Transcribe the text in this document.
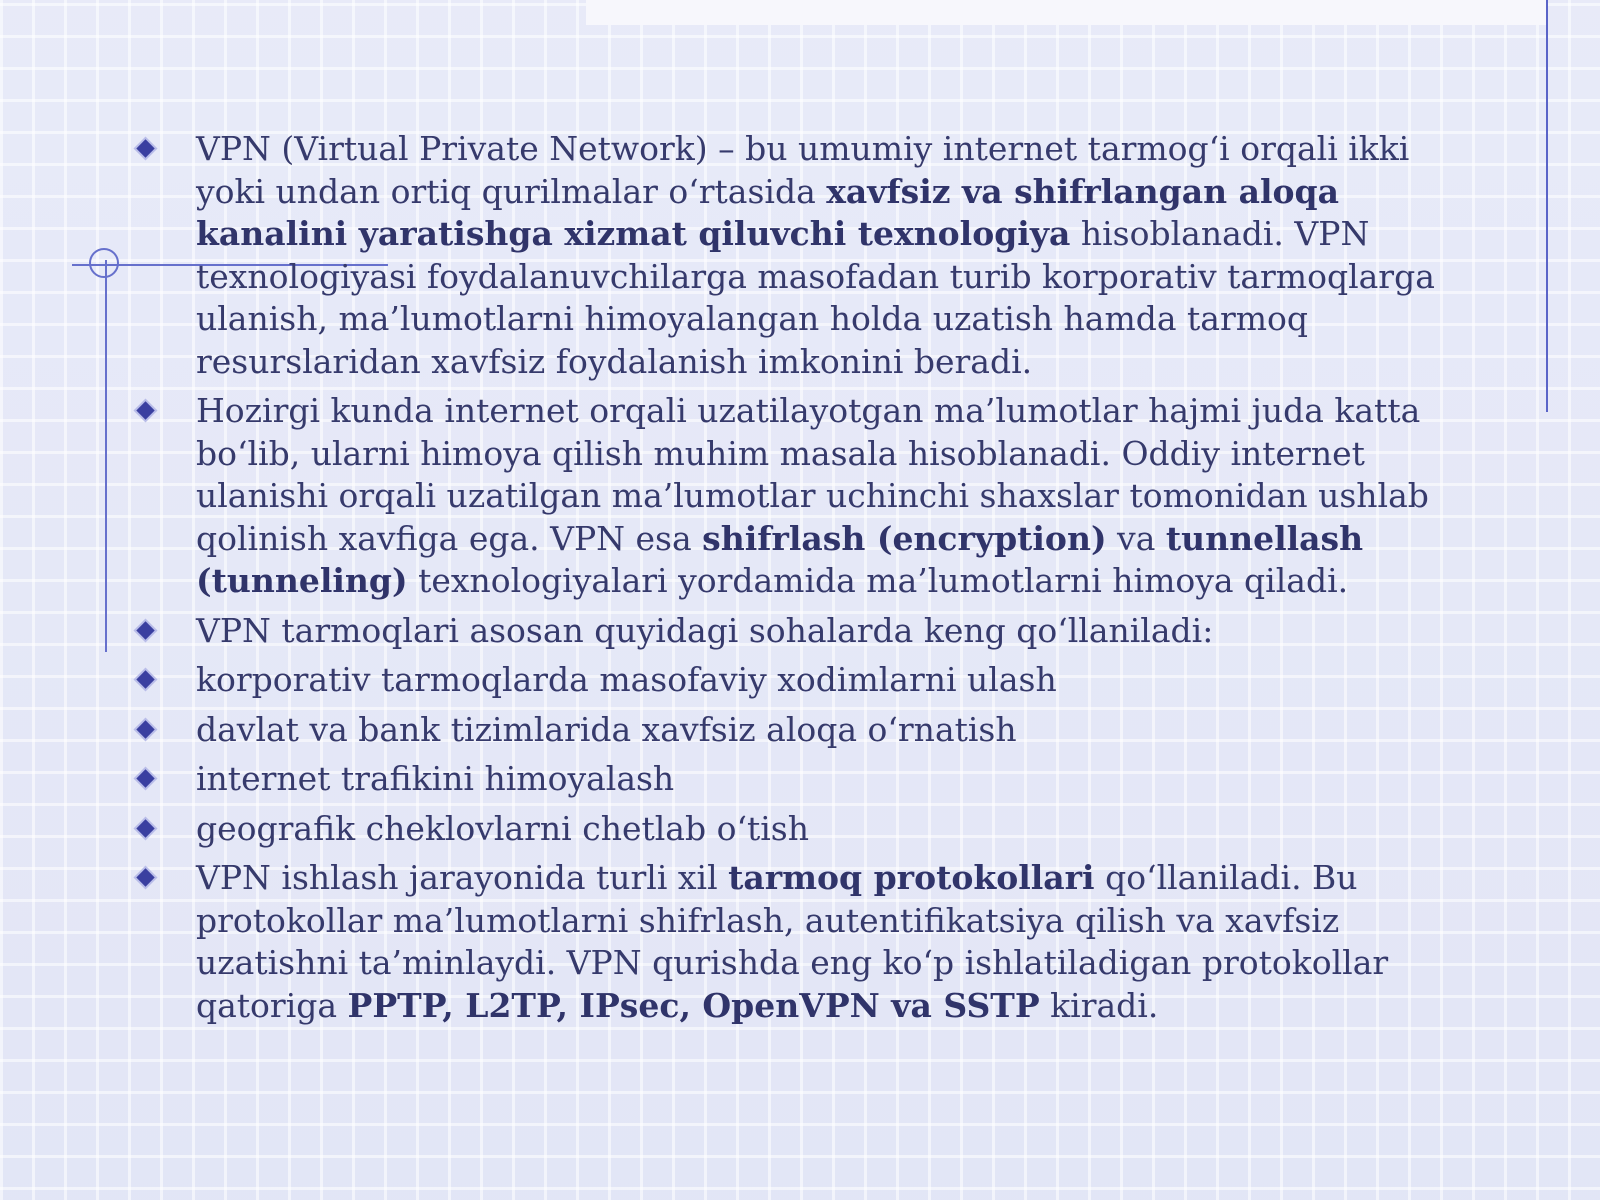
VPN (Virtual Private Network) – bu umumiy internet tarmog‘i orqali ikki yoki undan ortiq qurilmalar o‘rtasida xavfsiz va shifrlangan aloqa kanalini yaratishga xizmat qiluvchi texnologiya hisoblanadi. VPN texnologiyasi foydalanuvchilarga masofadan turib korporativ tarmoqlarga ulanish, ma’lumotlarni himoyalangan holda uzatish hamda tarmoq resurslaridan xavfsiz foydalanish imkonini beradi.
Hozirgi kunda internet orqali uzatilayotgan ma’lumotlar hajmi juda katta bo‘lib, ularni himoya qilish muhim masala hisoblanadi. Oddiy internet ulanishi orqali uzatilgan ma’lumotlar uchinchi shaxslar tomonidan ushlab qolinish xavfiga ega. VPN esa shifrlash (encryption) va tunnellash (tunneling) texnologiyalari yordamida ma’lumotlarni himoya qiladi.
VPN tarmoqlari asosan quyidagi sohalarda keng qo‘llaniladi:
korporativ tarmoqlarda masofaviy xodimlarni ulash
davlat va bank tizimlarida xavfsiz aloqa o‘rnatish
internet trafikini himoyalash
geografik cheklovlarni chetlab o‘tish
VPN ishlash jarayonida turli xil tarmoq protokollari qo‘llaniladi. Bu protokollar ma’lumotlarni shifrlash, autentifikatsiya qilish va xavfsiz uzatishni ta’minlaydi. VPN qurishda eng ko‘p ishlatiladigan protokollar qatoriga PPTP, L2TP, IPsec, OpenVPN va SSTP kiradi.
